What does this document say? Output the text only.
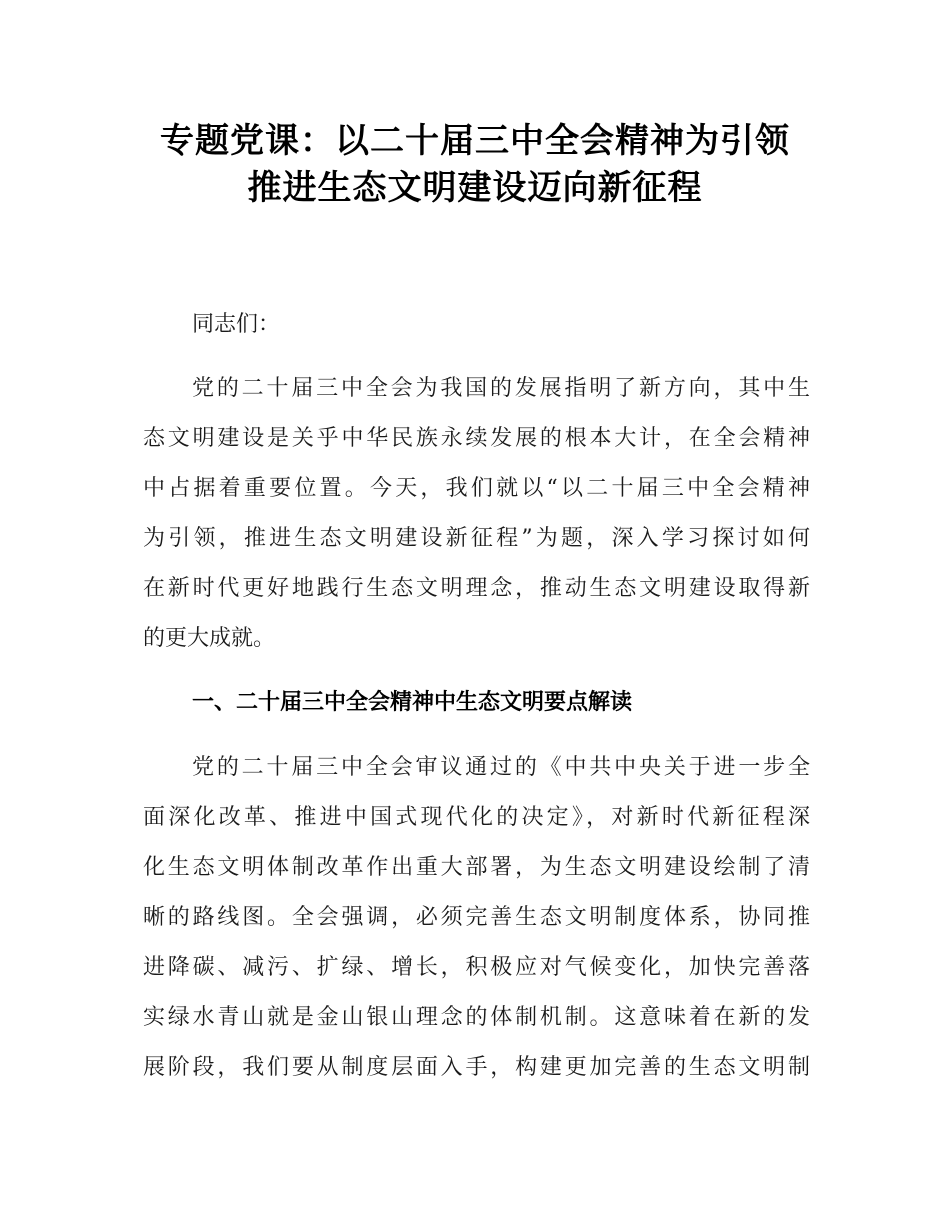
专题党课：以二十届三中全会精神为引领
推进生态文明建设迈向新征程
同志们：
党的二十届三中全会为我国的发展指明了新方向，其中生
态文明建设是关乎中华民族永续发展的根本大计，在全会精神
中占据着重要位置。今天，我们就以“以二十届三中全会精神
为引领，推进生态文明建设新征程”为题，深入学习探讨如何
在新时代更好地践行生态文明理念，推动生态文明建设取得新
的更大成就。
一、二十届三中全会精神中生态文明要点解读
党的二十届三中全会审议通过的《中共中央关于进一步全
面深化改革、推进中国式现代化的决定》，对新时代新征程深
化生态文明体制改革作出重大部署，为生态文明建设绘制了清
晰的路线图。全会强调，必须完善生态文明制度体系，协同推
进降碳、减污、扩绿、增长，积极应对气候变化，加快完善落
实绿水青山就是金山银山理念的体制机制。这意味着在新的发
展阶段，我们要从制度层面入手，构建更加完善的生态文明制
